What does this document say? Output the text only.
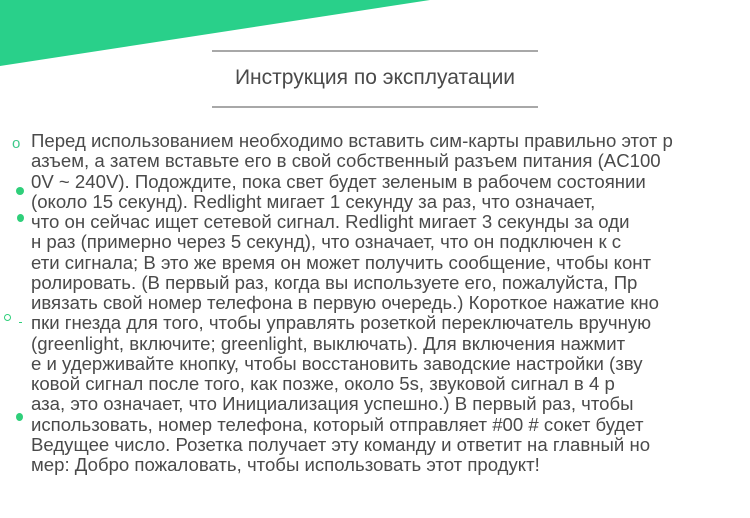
Инструкция по эксплуатации
o Перед использованием необходимо вставить сим-карты правильно этот р
азъем, а затем вставьте его в свой собственный разъем питания (AC100
0V ~ 240V). Подождите, пока свет будет зеленым в рабочем состоянии
(около 15 секунд). Redlight мигает 1 секунду за раз, что означает,
что он сейчас ищет сетевой сигнал. Redlight мигает 3 секунды за оди
н раз (примерно через 5 секунд), что означает, что он подключен к с
ети сигнала; В это же время он может получить сообщение, чтобы конт
ролировать. (В первый раз, когда вы используете его, пожалуйста, Пр
ивязать свой номер телефона в первую очередь.) Короткое нажатие кно
пки гнезда для того, чтобы управлять розеткой переключатель вручную
(greenlight, включите; greenlight, выключать). Для включения нажмит
е и удерживайте кнопку, чтобы восстановить заводские настройки (зву
ковой сигнал после того, как позже, около 5s, звуковой сигнал в 4 р
аза, это означает, что Инициализация успешно.) В первый раз, чтобы
использовать, номер телефона, который отправляет #00 # сокет будет
Ведущее число. Розетка получает эту команду и ответит на главный но
мер: Добро пожаловать, чтобы использовать этот продукт!
